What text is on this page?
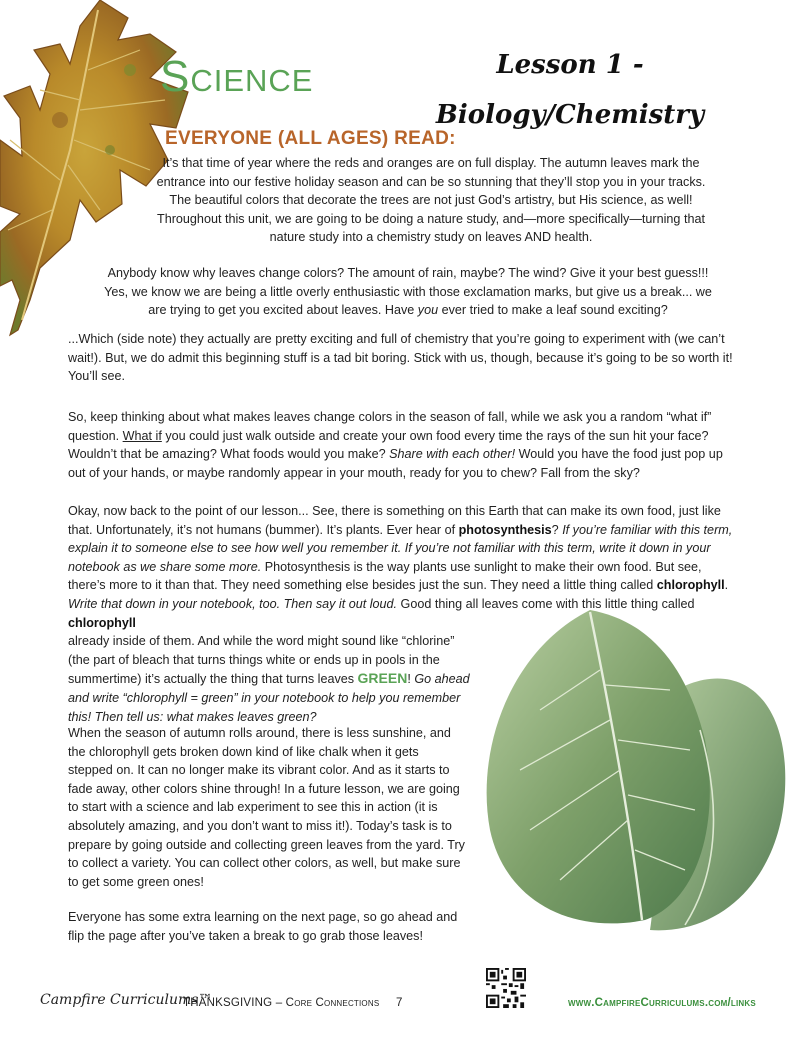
Science	Lesson 1 -
Biology/Chemistry
EVERYONE (ALL AGES) READ:

It’s that time of year where the reds and oranges are on full display. The autumn leaves mark the entrance into our festive holiday season and can be so stunning that they’ll stop you in your tracks. The beautiful colors that decorate the trees are not just God’s artistry, but His science, as well! Throughout this unit, we are going to be doing a nature study, and—more specifically—turning that nature study into a chemistry study on leaves AND health.

Anybody know why leaves change colors? The amount of rain, maybe? The wind? Give it your best guess!!! Yes, we know we are being a little overly enthusiastic with those exclamation marks, but give us a break... we are trying to get you excited about leaves. Have you ever tried to make a leaf sound exciting?

...Which (side note) they actually are pretty exciting and full of chemistry that you’re going to experiment with (we can’t wait!). But, we do admit this beginning stuff is a tad bit boring. Stick with us, though, because it’s going to be so worth it! You’ll see.

So, keep thinking about what makes leaves change colors in the season of fall, while we ask you a random “what if” question. What if you could just walk outside and create your own food every time the rays of the sun hit your face? Wouldn’t that be amazing? What foods would you make? Share with each other! Would you have the food just pop up out of your hands, or maybe randomly appear in your mouth, ready for you to chew? Fall from the sky?

Okay, now back to the point of our lesson... See, there is something on this Earth that can make its own food, just like that. Unfortunately, it’s not humans (bummer). It’s plants. Ever hear of photosynthesis? If you’re familiar with this term, explain it to someone else to see how well you remember it. If you’re not familiar with this term, write it down in your notebook as we share some more. Photosynthesis is the way plants use sunlight to make their own food. But see, there’s more to it than that. They need something else besides just the sun. They need a little thing called chlorophyll. Write that down in your notebook, too. Then say it out loud. Good thing all leaves come with this little thing called chlorophyll
already inside of them. And while the word might sound like “chlorine” (the part of bleach that turns things white or ends up in pools in the summertime) it’s actually the thing that turns leaves GREEN! Go ahead and write “chlorophyll = green” in your notebook to help you remember this! Then tell us: what makes leaves green?

When the season of autumn rolls around, there is less sunshine, and the chlorophyll gets broken down kind of like chalk when it gets stepped on. It can no longer make its vibrant color. And as it starts to fade away, other colors shine through! In a future lesson, we are going to start with a science and lab experiment to see this in action (it is absolutely amazing, and you don’t want to miss it!). Today’s task is to prepare by going outside and collecting green leaves from the yard. Try to collect a variety. You can collect other colors, as well, but make sure to get some green ones!

Everyone has some extra learning on the next page, so go ahead and flip the page after you’ve taken a break to go grab those leaves!

Campfire Curriculums™
THANKSGIVING – Core Connections 7	www.CampfireCurriculums.com/links
